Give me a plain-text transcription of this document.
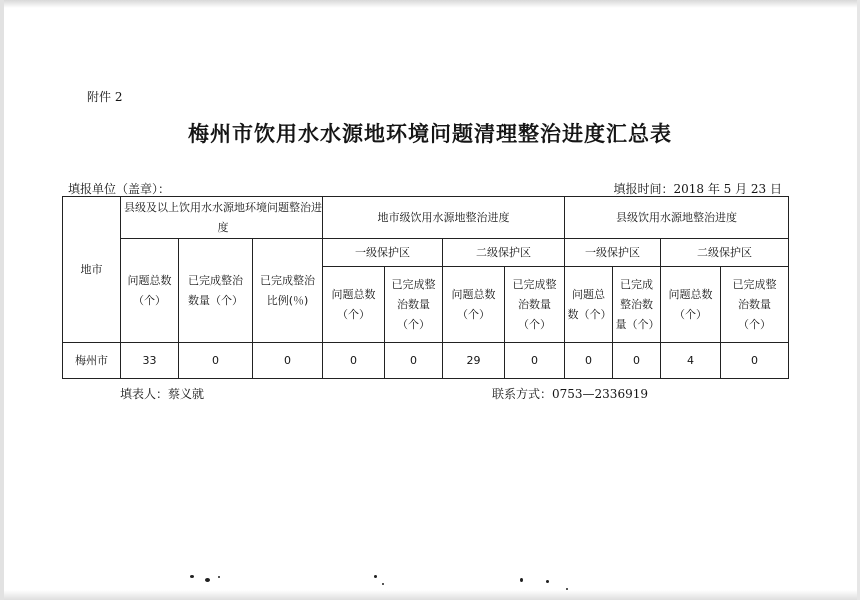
附件 2
梅州市饮用水水源地环境问题清理整治进度汇总表
填报单位（盖章）：	填报时间：2018 年 5 月 23 日
地市	县级及以上饮用水水源地环境问题整治进度			地市级饮用水源地整治进度				县级饮用水源地整治进度			

	问题总数（个）	已完成整治数量（个）	已完成整治比例(％)	一级保护区		二级保护区		一级保护区		二级保护区	

				问题总数（个）	已完成整治数量（个）	问题总数（个）	已完成整治数量（个）	问题总数（个）	已完成整治数量（个）	问题总数（个）	已完成整治数量（个）

梅州市	33	0	0	0	0	29	0	0	0	4	0
填表人：蔡义就	联系方式：0753—2336919
